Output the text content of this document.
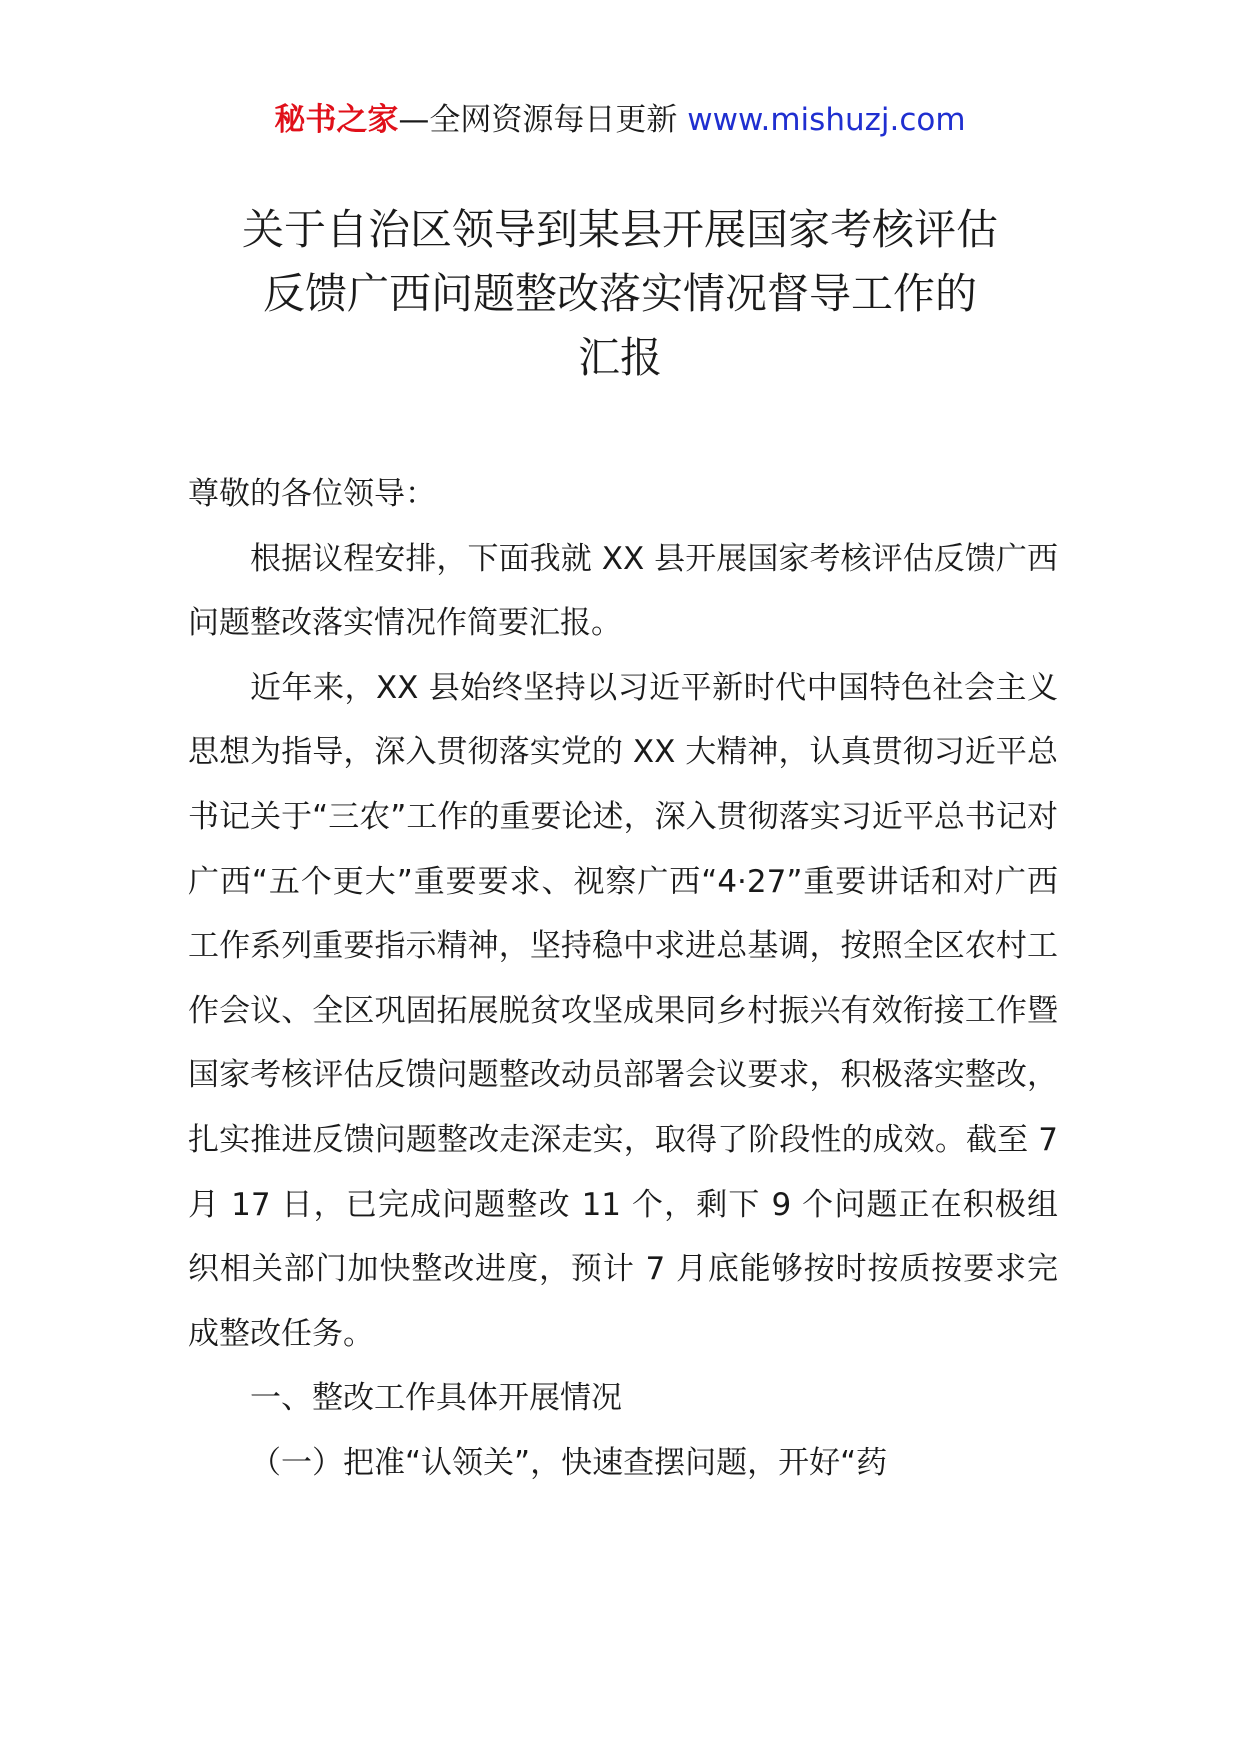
秘书之家—全网资源每日更新 www.mishuzj.com
关于自治区领导到某县开展国家考核评估
反馈广西问题整改落实情况督导工作的
汇报

尊敬的各位领导：

根据议程安排，下面我就 XX 县开展国家考核评估反馈广西问题整改落实情况作简要汇报。

近年来，XX 县始终坚持以习近平新时代中国特色社会主义思想为指导，深入贯彻落实党的 XX 大精神，认真贯彻习近平总书记关于“三农”工作的重要论述，深入贯彻落实习近平总书记对广西“五个更大”重要要求、视察广西“4·27”重要讲话和对广西工作系列重要指示精神，坚持稳中求进总基调，按照全区农村工作会议、全区巩固拓展脱贫攻坚成果同乡村振兴有效衔接工作暨国家考核评估反馈问题整改动员部署会议要求，积极落实整改，扎实推进反馈问题整改走深走实，取得了阶段性的成效。截至 7 月 17 日，已完成问题整改 11 个，剩下 9 个问题正在积极组织相关部门加快整改进度，预计 7 月底能够按时按质按要求完成整改任务。

一、整改工作具体开展情况

（一）把准“认领关”，快速查摆问题，开好“药
